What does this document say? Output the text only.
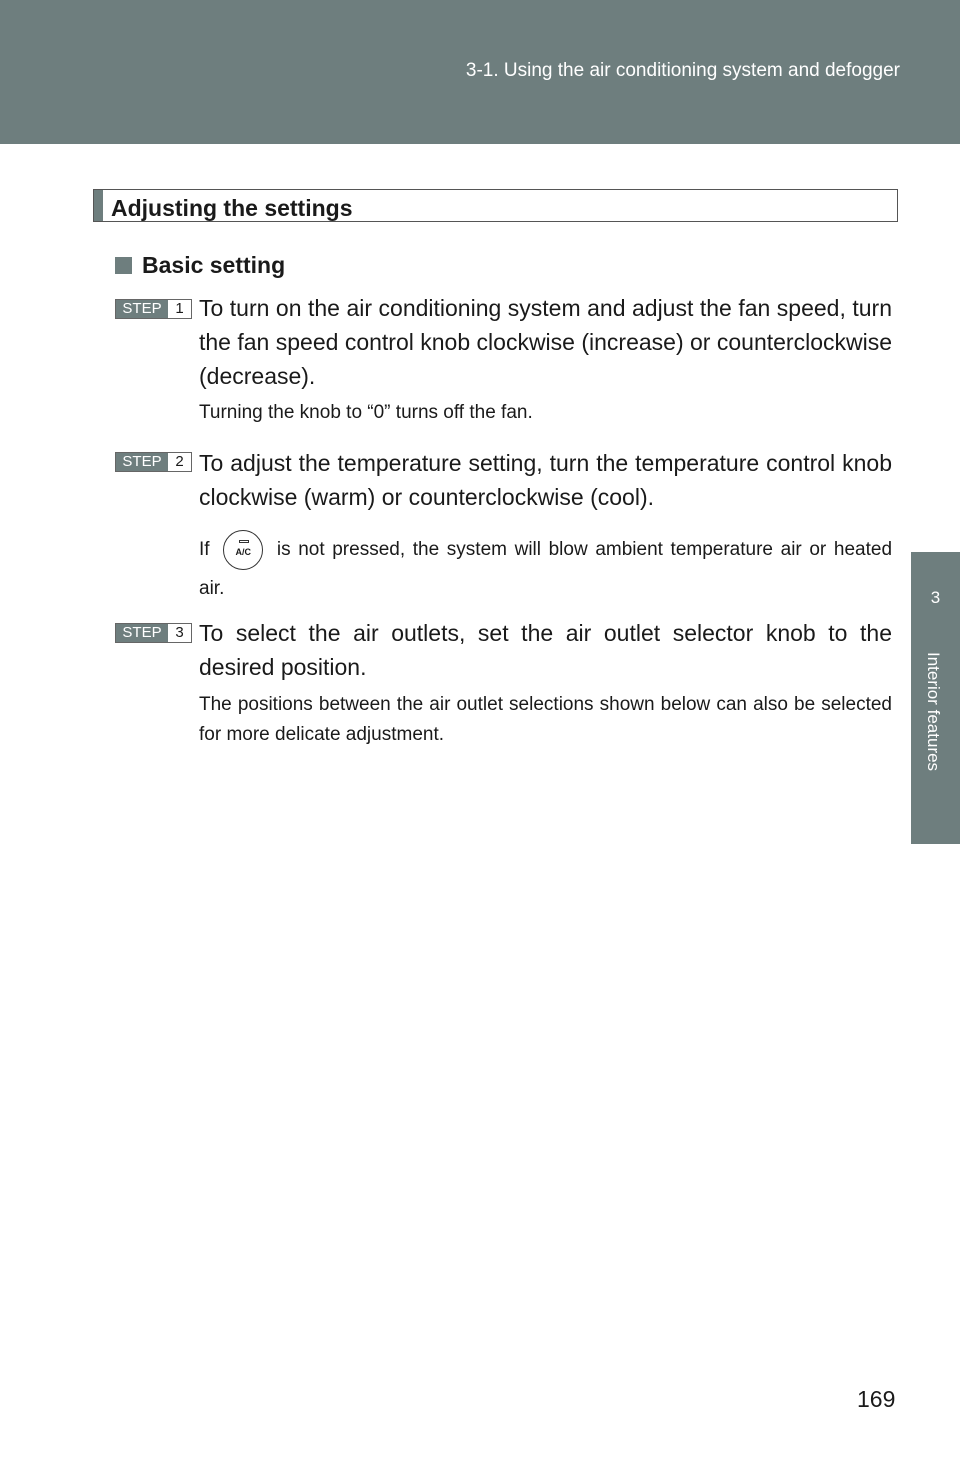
3-1. Using the air conditioning system and defogger
3
Interior features
Adjusting the settings
Basic setting
STEP 1 To turn on the air conditioning system and adjust the fan speed, turn the fan speed control knob clockwise (increase) or counterclockwise (decrease).
Turning the knob to “0” turns off the fan.
STEP 2 To adjust the temperature setting, turn the temperature control knob clockwise (warm) or counterclockwise (cool).
If	A/C	is not pressed, the system will blow ambient temperature air or heated air.
STEP 3 To select the air outlets, set the air outlet selector knob to the desired position.
The positions between the air outlet selections shown below can also be selected for more delicate adjustment.
169
